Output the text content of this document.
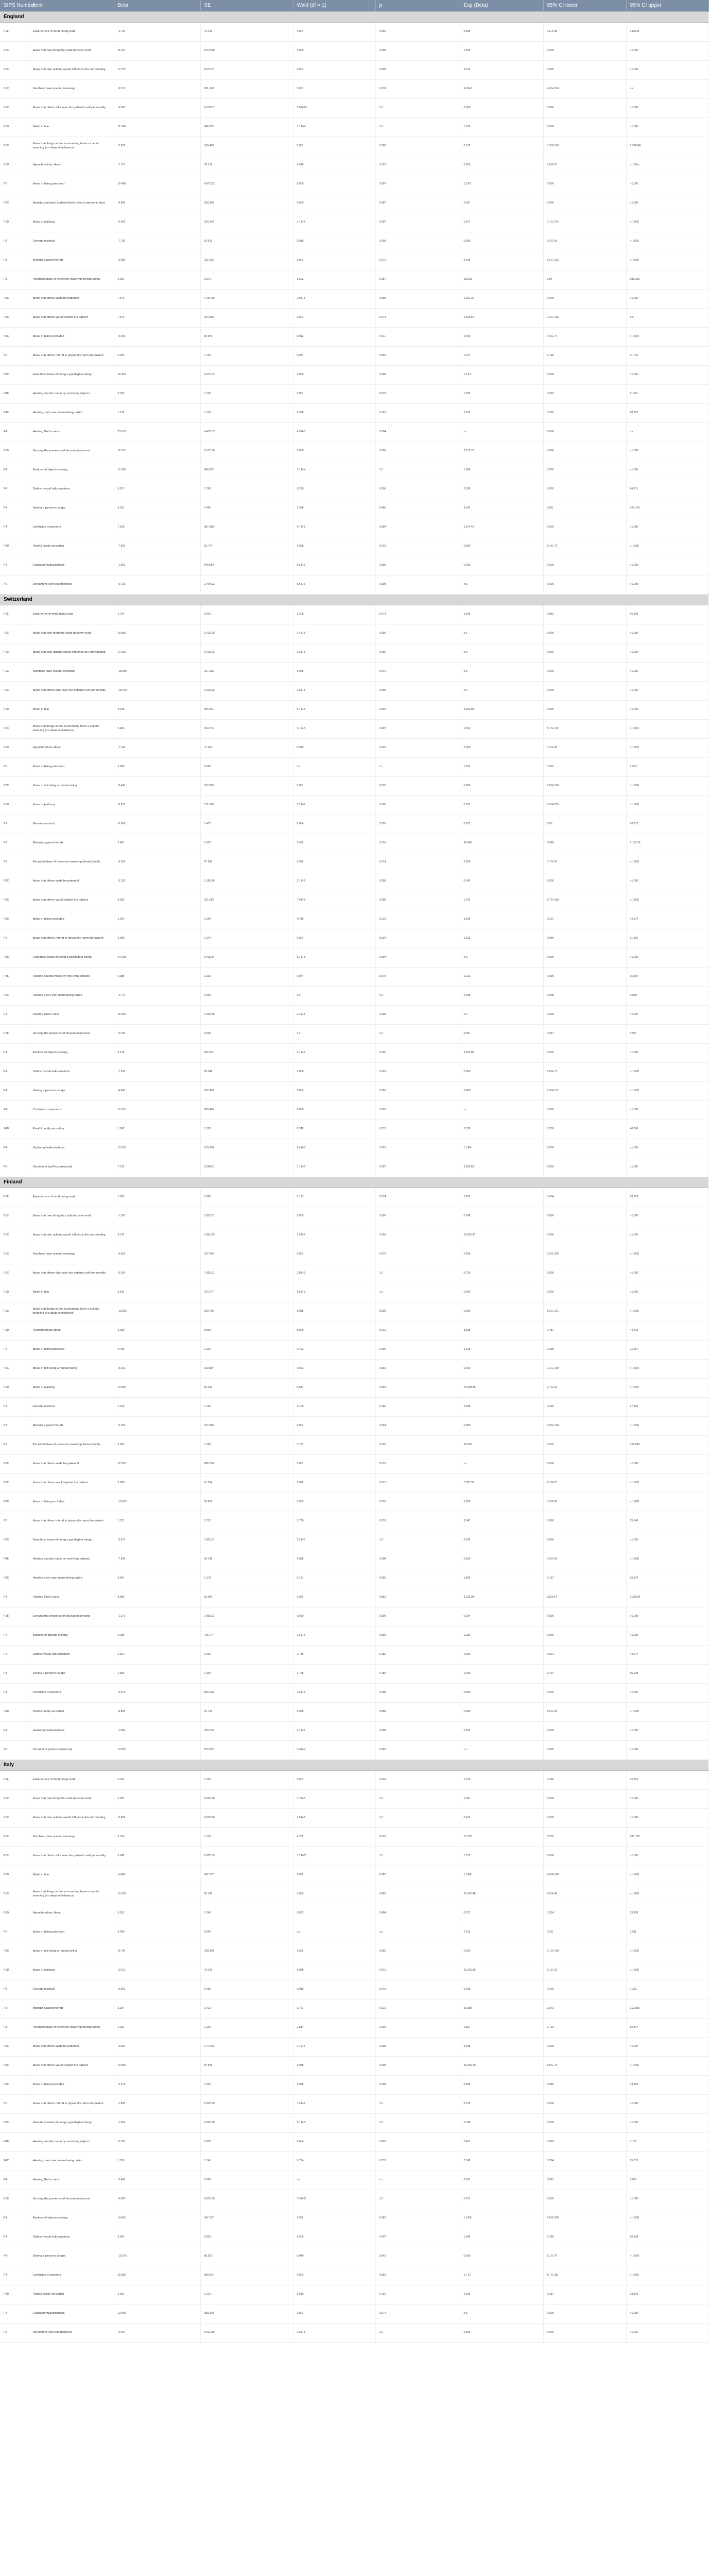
SIPS Number	Item	Beta	SE	Wald (df = 1)	p	Exp (Beta)	95% CI lower	95% CI upper
England								
P1E	Experiences of mind being read	-4.729	75.133	0.004	0.950	0.009	1.E-6.48	1.8 E35
P1C	Ideas that own thoughts could become read	11.001	8,573.49	0.000	0.999	1.566	0.000	>1.000
P1C	Ideas that own actions would influence the surrounding	17.557	8,570.57	0.004	0.998	4.152	0.000	>1.000
P1C	Numbers have special meaning	-9.213	281.243	0.001	0.974	9.8 E-5	4.0 E-234	n.c.
P1C	Ideas that others take over the patient's self-personality	-9.097	8,574.07	5.8 E-13	1.0	0.000	0.000	>1.000
P1D	Belief in fate	11.566	949.052	1.1 E-4	1.0	1.180	0.000	>1.000
P1C	Ideas that things in the surrounding have a special meaning (no ideas of influence)	-2.022	166.469	0.001	0.990	0.132	1.3 E-150	1.3 E148
P1D	Hypochondriac ideas	-7.710	78.158	0.010	0.922	0.000	1.6 E-70	> 1.00e
P2	Ideas of being poisoned	16.406	4,972.22	0.000	0.997	1.3 E7	0.000	>1.000
P2C	Identity confusion (patient thinks s/he is someone else)	-4.896	299.300	0.000	0.987	0.007	0.000	>1.000
P1D	Ideas of jealousy	-0.456	160.144	1.1 E-5	0.997	0.627	1.1 E-272	> 1.000
P3	General mistrust	-7.709	63.613	0.015	0.903	0.000	6.2 E-59	> 1.000
P3	Mistrust against friends	-3.986	121.662	0.001	0.976	0.019	5.2 E-106	> 1.000
P3	Paranoid ideas of reference involving friends/family	2.991	1.541	3.602	0.057	19.918	0.94	395.268
P3C	Ideas that others wish the patient ill	7.673	2,457.59	1.0 E-5	0.999	2,151.29	0.000	>1.000
P3C	Ideas that others would exploit the patient	7.673	234.150	0.001	0.974	2,610.56	1.3 E-196	n.c.
P3C	Ideas of being excluded	-9.453	84.876	0.012	0.911	0.000	4.5 E-77	> 1.000
P2	Ideas that others intend to physically harm the patient	0.205	1.134	0.031	0.859	1.227	0.128	11.773
P3C	Grandiose ideas of being a god/higher being	16.424	9,075.02	0.000	0.999	1.4 E7	0.000	>1.000
P4B	Hearing sounds made by non-living objects	0.032	1.232	0.001	0.979	1.033	0.092	11.541
P4C	Hearing one's own name being called	1.132	1.133	0.998	0.322	3.070	0.333	28.297
P4	Hearing God's voice	33.819	4,435.53	4.5 E-5	0.994	n.c.	0.000	n.c.
P1B	Sensing the presence of deceased persons	16.771	9,575.36	0.000	0.999	2,155.79	0.000	>1.000
P4	Illusions of objects moving	10.166	949.052	1.1 E-4	1.0	1.068	0.000	>1.000
P4	Distinct visual hallucinations	0.927	1.790	0.268	0.605	2.526	0.076	84.311
P4	Seeing a person's shape	3.651	2.495	2.536	0.456	4.241	0.011	766.724
P4	Confusion of persons	7.609	987.188	5.7 E-5	0.994	2,674.42	0.000	>1.000
P4D	Painful bodily sensation	-7.991	81.774	0.008	0.922	0.000	6.4 E-73	> 1.000
P4	Gustatory hallucinations	-1.663	949.054	5.6 E-6	0.999	0.000	0.000	>1.000
P5	Derailment (self-experienced)	-5.729	2,404.92	5.6 E-6	0.998	n.c.	0.000	>1.000
Switzerland								
P1E	Experience of mind being read	1.724	0.961	3.208	0.073	5.608	0.853	36.993
P1C	Ideas that own thoughts could become read	16.856	3,429.26	2.4 E-5	0.996	n.c.	0.000	>1.000
P1C	Ideas that own actions would influence the surrounding	17.318	3,429.26	2.6 E-5	0.996	n.c.	0.000	>1.000
P1C	Numbers have special meaning	-18.090	267.113	0.005	0.946	n.c.	0.000	>1.000
P1C	Ideas that others take over the patient's self-personality	-18.270	3,429.26	2.8 E-5	0.996	n.c.	0.000	>1.000
P1D	Belief in fate	9.136	955.331	9.1 E-5	0.992	9,293.01	0.000	>1.000
P1C	Ideas that things in the surrounding have a special meaning (no ideas of influence)	0.406	154.731	1.1 E-5	0.997	1.502	5.7 E-132	> 1.000
P1D	Hypochondriac ideas	-7.742	77.007	0.010	0.920	0.000	1.2 E-68	> 1.000
P2	Ideas of being poisoned	0.000	0.000	n.c.	n.c.	1.553	1.553	1.553
P2C	Ideas of not being a human being	-9.447	227.620	0.001	0.970	0.000	1.8 E-198	> 1.000
P1D	Ideas of jealousy	-0.251	122.190	5.2 E-7	0.996	0.791	5.5 E-275	> 1.000
P3	General mistrust	-0.669	1.475	0.004	0.955	0.857	0.05	16.617
P3	Mistrust against friends	3.481	1.820	3.482	0.055	32.860	0.928	1,163.39
P3	Paranoid ideas of reference involving friends/family	-4.264	57.835	0.012	0.914	0.000	1.7 E-51	> 1.000
P3C	Ideas that others wish the patient ill	-3.130	2,163.26	2.1 E-6	0.999	0.043	0.000	>1.000
P3C	Ideas that others would exploit the patient	0.383	221.663	7.0 E-6	0.998	1.782	5.7 E-189	> 1.000
P3C	Ideas of being excluded	1.264	1.264	0.445	0.318	3.539	0.297	42.174
P2	Ideas that others intend to physically harm the patient	0.098	1.344	0.007	0.934	1.103	0.096	11.253
P3C	Grandiose ideas of being a god/higher being	24.408	3,428.14	5.1 E-5	0.994	n.c.	0.000	>1.000
P4B	Hearing sounds made by non-living objects	0.388	1.362	0.024	0.878	2.222	0.095	15.664
P4C	Hearing one's own name being called	-4.779	0.000	n.c.	n.c.	0.008	0.008	0.008
P4	Hearing God's voice	16.666	3,429.26	2.4 E-5	0.996	n.c.	0.000	>1.000
P1B	Sensing the presence of deceased persons	-0.044	0.000	n.c.	n.c.	0.957	0.957	0.957
P4	Illusions of objects moving	9.136	955.331	9.1 E-5	0.992	9,293.01	0.000	>1.000
P4	Distinct visual hallucinations	-7.292	85.549	0.008	0.929	0.000	5.8 E-77	> 1.000
P4	Seeing a person's shape	-4.847	132.483	0.004	0.962	0.000	2.3 E-117	> 1.000
P4	Confusion of persons	16.915	968.490	0.000	0.993	n.c.	0.000	>1.000
P4D	Painful bodily sensation	1.247	1.397	0.245	0.371	3.370	0.209	48.806
P4	Gustatory hallucinations	10.053	919.094	9.4 E-5	0.991	1.3 E4	0.000	>1.000
P5	Derailment (self-experienced)	7.732	2,004.61	1.1 E-5	0.997	2,280.61	0.000	>1.000
Finland								
P1E	Experiences of mind being read	1.055	0.965	0.197	0.274	2.873	0.434	18.029
P1C	Ideas that own thoughts could become read	-1.393	7,851.91	0.000	0.999	0.248	0.000	>1.000
P1C	Ideas that own actions would influence the surrounding	9.732	7,851.25	1.5 E-6	0.999	16,852.47	0.000	>1.000
P1C	Numbers have special meaning	-9.656	237.646	0.001	0.976	0.000	3.5 E-206	> 1.000
P1C	Ideas that others take over the patient's self-personality	-0.334	7,851.91	1.8 E-9	1.0	0.716	0.000	>1.000
P1D	Belief in fate	6.514	754.777	9.8 E-6	1.0	0.000	0.000	>1.000
P1C	Ideas that things in the surrounding have a special meaning (no ideas of influence)	-13.052	109.730	0.015	0.905	0.000	5.3 E-101	> 1.000
P1D	Hypochondriac ideas	2.099	0.863	5.000	0.015	8.155	1.487	44.615
P2	Ideas of being poisoned	0.755	1.110	0.462	0.496	2.128	0.238	21.657
P2C	Ideas of not being a human being	-8.332	193.887	0.002	0.966	0.000	2.1 E-169	> 1.000
P1D	Ideas of jealousy	10.059	82.311	0.017	0.894	23,698.85	2.7 E-66	> 1.000
P3	General mistrust	1.190	1.150	0.106	0.155	2.008	0.326	27.395
P3	Mistrust against friends	-9.169	157.366	0.004	0.954	0.000	1.9 E-138	> 1.000
P3	Paranoid ideas of reference involving friends/family	3.062	1.363	3.787	0.052	26.036	0.979	427.888
P3C	Ideas that others wish the patient ill	22.876	886.156	0.001	0.979	n.c.	0.000	>1.000
P3C	Ideas that others would exploit the patient	8.906	81.814	0.012	0.917	7,367.33	6.7 E-78	> 1.000
P3C	Ideas of being excluded	-10.672	58.423	0.033	0.855	0.000	3.3 E-55	> 1.000
P2	Ideas that others intend to physically harm the patient	1.371	0.710	3.730	0.053	3.941	0.980	15.849
P3C	Grandiose ideas of being a god/higher being	-3.670	7,851.91	2.2 E-7	1.0	0.025	0.000	>1.000
P4B	Hearing sounds made by non-living objects	-7.842	65.149	0.015	0.904	0.000	1.9 E-60	> 1.000
P4C	Hearing one's own name being called	0.687	1.173	0.187	0.666	1.660	0.167	16.537
P4	Hearing God's voice	8.082	53.902	0.022	0.881	3,233.94	3233.94	3,233.94
P1B	Sensing the presence of deceased persons	-1.371	7,851.91	0.000	0.999	0.254	0.000	>1.000
P4	Illusions of objects moving	0.236	756.777	1.6 E-6	0.999	1.282	0.000	>1.000
P4	Distinct visual hallucinations	0.821	1.539	1.739	0.180	4.150	0.521	43.047
P4	Seeing a person's shape	1.833	1.394	1.728	0.189	6.250	0.407	96.038
P4	Confusion of persons	-9.914	806.028	1.5 E-5	0.998	0.000	0.000	>1.000
P4D	Painful bodily sensation	-8.855	62.741	0.020	0.888	0.000	8.6 E-58	> 1.000
P4	Gustatory hallucinations	-1.584	784.770	4.1 E-6	0.998	0.205	0.000	>1.000
P5	Derailment (self-experienced)	14.222	879.152	3.0 E-4	0.987	n.c.	0.000	>1.000
Italy								
P1E	Experiences of mind being read	0.193	1.246	0.007	0.934	1.109	0.456	12.761
P1C	Ideas that own thoughts could become read	0.087	6,922.50	1.7 E-5	1.0	1.091	0.000	>1.000
P1C	Ideas that own actions would influence the surrounding	-0.862	6,922.50	1.6 E-8	1.0	0.422	0.000	>1.000
P1C	Numbers have special meaning	2.754	1.539	4.782	0.029	15.702	0.232	185.158
P1C	Ideas that others take over the patient's self-personality	0.242	6,922.50	1.2 E-11	1.0	1.273	0.000	>1.000
P1D	Belief in fate	14.461	347.157	0.002	0.967	1.9 E6	6.0 E-290	> 1.000
P1C	Ideas that things in the surrounding have a special meaning (no ideas of influence)	10.059	58.143	0.033	0.863	23,242.40	8.5 E-48	> 1.000
P1D	Hypochondriac ideas	0.931	1.242	0.562	0.454	0.227	2.324	23.803
P2	Ideas of being poisoned	0.000	0.000	n.c.	n.c.	2.511	2.511	2.511
P2C	Ideas of not being a human being	-8.740	168.300	0.002	0.959	0.000	1.1 E-148	> 1.000
P1D	Ideas of jealousy	10.011	42.159	0.059	0.812	22,265.15	2.1 E-32	> 1.000
P3	General mistrust	-0.063	0.459	0.019	0.948	0.939	0.345	7.322
P3	Mistrust against friends	3.924	1.421	3.757	0.016	26.989	2.873	312.993
P3	Paranoid ideas of reference involving friends/family	1.931	1.151	2.814	0.093	6.897	0.722	65.847
P3C	Ideas that others wish the patient ill	-3.592	1,773.52	4.1 E-6	0.998	0.028	0.000	>1.000
P3C	Ideas that others would exploit the patient	10.650	87.505	0.015	0.903	42,205.99	5.8 E-71	> 1.000
P3C	Ideas of being excluded	-0.176	1.461	0.015	0.904	0.838	0.048	14.692
P2	Ideas that others intend to physically harm the patient	-1.895	6,922.50	7.5 E-8	1.0	0.150	0.000	>1.000
P3C	Grandiose ideas of being a god/higher being	-1.969	6,922.50	8.1 E-8	1.0	0.140	0.000	>1.000
P4B	Hearing sounds made by non-living objects	-0.761	0.978	0.604	0.437	0.467	0.069	3.181
P4C	Hearing one's own name being called	1.010	1.141	0.784	0.376	2.745	0.294	25.613
P4	Hearing God's voice	-2.400	0.000	n.c.	n.c.	0.091	0.091	0.091
P1B	Sensing the presence of deceased persons	-0.087	6,922.50	7.9 E-11	1.0	0.917	0.000	>1.000
P4	Illusions of objects moving	14.461	347.157	0.002	0.967	1.9 E6	6.0 E-290	> 1.000
P4	Distinct visual hallucinations	0.664	0.853	0.606	0.437	1.942	0.365	10.338
P4	Seeing a person's shape	-16.142	80.917	0.040	0.842	0.000	8.1 E-76	> 1.000
P4	Confusion of persons	16.650	356.841	0.002	0.963	1.7 E7	5.7 E-311	> 1.000
P4D	Painful bodily sensation	0.961	1.224	0.616	0.432	2.616	0.237	28.810
P4	Gustatory hallucinations	12.605	389.319	0.001	0.974	n.c.	0.000	>1.000
P5	Derailment (self-experienced)	-0.694	6,922.50	1.0 E-8	1.0	0.500	0.000	>1.000
